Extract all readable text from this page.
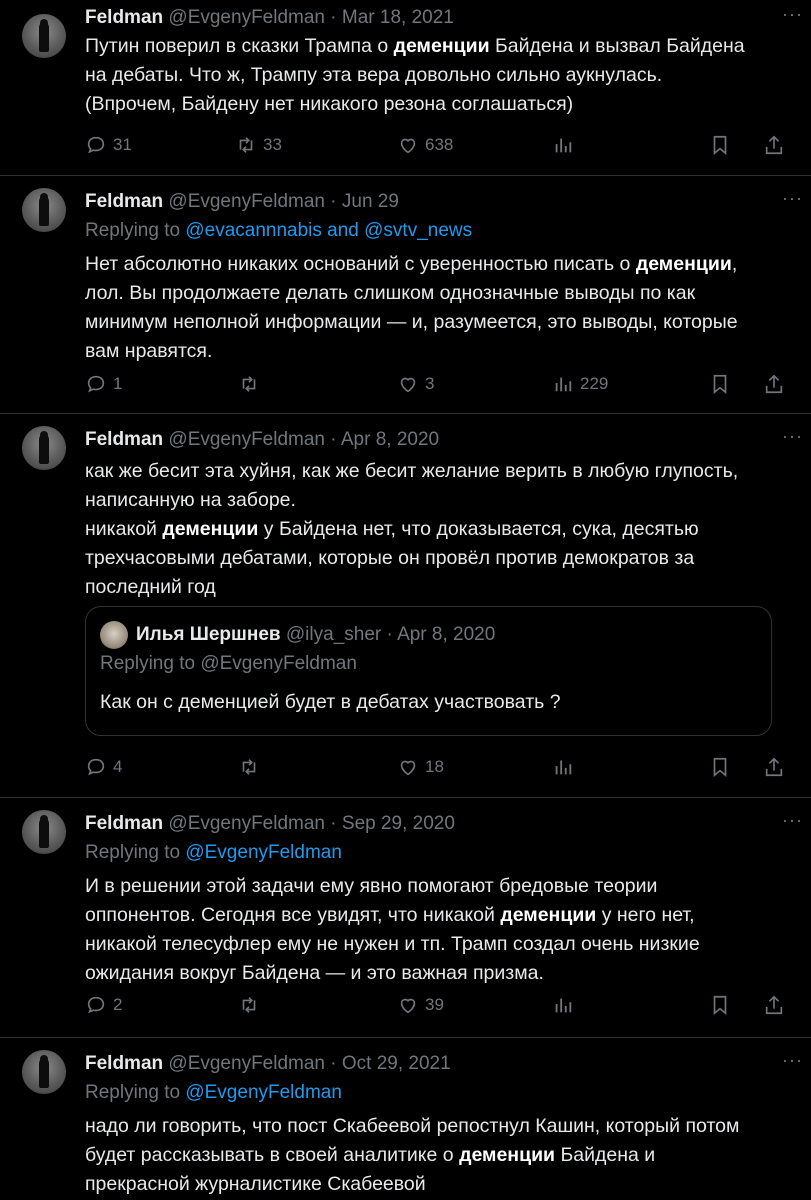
Feldman @EvgenyFeldman · Mar 18, 2021
Путин поверил в сказки Трампа о деменции Байдена и вызвал Байдена
на дебаты. Что ж, Трампу эта вера довольно сильно аукнулась.
(Впрочем, Байдену нет никакого резона соглашаться)
···
31	33	638
Feldman @EvgenyFeldman · Jun 29
Replying to @evacannnabis and @svtv_news
Нет абсолютно никаких оснований с уверенностью писать о деменции,
лол. Вы продолжаете делать слишком однозначные выводы по как
минимум неполной информации — и, разумеется, это выводы, которые
вам нравятся.
···
1	3	229
Feldman @EvgenyFeldman · Apr 8, 2020
как же бесит эта хуйня, как же бесит желание верить в любую глупость,
написанную на заборе.
никакой деменции у Байдена нет, что доказывается, сука, десятью
трехчасовыми дебатами, которые он провёл против демократов за
последний год
···
Илья Шершнев @ilya_sher · Apr 8, 2020
Replying to @EvgenyFeldman
Как он с деменцией будет в дебатах участвовать ?
4	18
Feldman @EvgenyFeldman · Sep 29, 2020
Replying to @EvgenyFeldman
И в решении этой задачи ему явно помогают бредовые теории
оппонентов. Сегодня все увидят, что никакой деменции у него нет,
никакой телесуфлер ему не нужен и тп. Трамп создал очень низкие
ожидания вокруг Байдена — и это важная призма.
···
2	39
Feldman @EvgenyFeldman · Oct 29, 2021
Replying to @EvgenyFeldman
надо ли говорить, что пост Скабеевой репостнул Кашин, который потом
будет рассказывать в своей аналитике о деменции Байдена и
прекрасной журналистике Скабеевой
···
